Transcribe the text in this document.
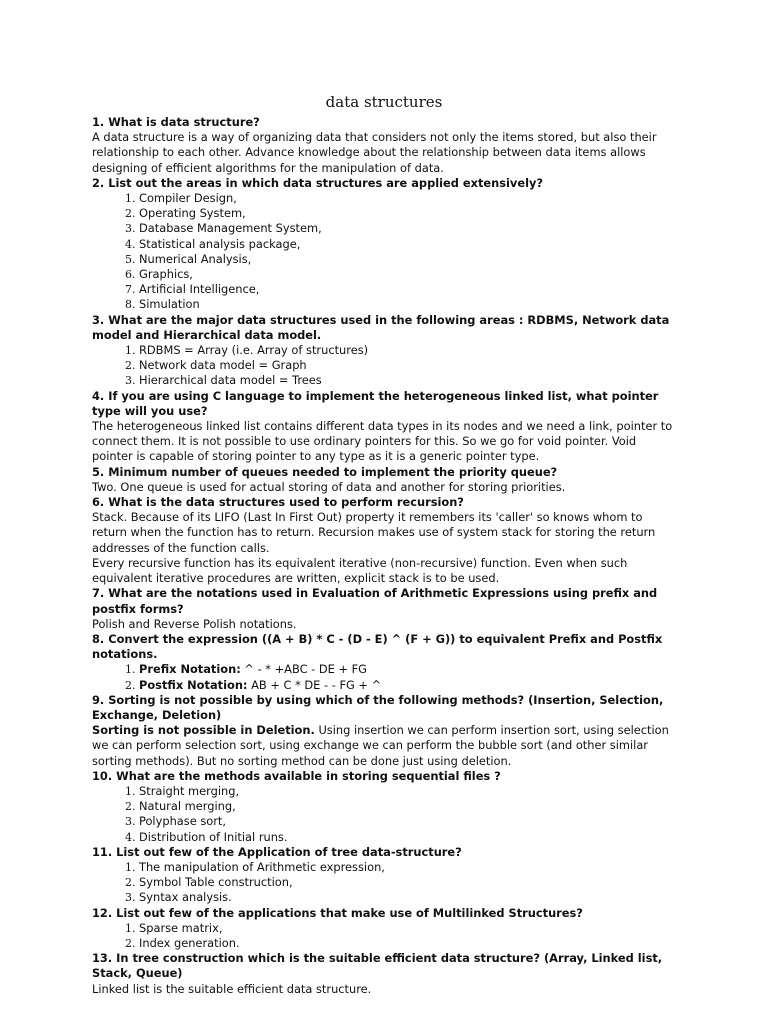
data structures

1. What is data structure?

A data structure is a way of organizing data that considers not only the items stored, but also their relationship to each other. Advance knowledge about the relationship between data items allows designing of efficient algorithms for the manipulation of data.

2. List out the areas in which data structures are applied extensively?

1. Compiler Design,
2. Operating System,
3. Database Management System,
4. Statistical analysis package,
5. Numerical Analysis,
6. Graphics,
7. Artificial Intelligence,
8. Simulation

3. What are the major data structures used in the following areas : RDBMS, Network data model and Hierarchical data model.

1. RDBMS = Array (i.e. Array of structures)
2. Network data model = Graph
3. Hierarchical data model = Trees

4. If you are using C language to implement the heterogeneous linked list, what pointer type will you use?

The heterogeneous linked list contains different data types in its nodes and we need a link, pointer to connect them. It is not possible to use ordinary pointers for this. So we go for void pointer. Void pointer is capable of storing pointer to any type as it is a generic pointer type.

5. Minimum number of queues needed to implement the priority queue?

Two. One queue is used for actual storing of data and another for storing priorities.

6. What is the data structures used to perform recursion?

Stack. Because of its LIFO (Last In First Out) property it remembers its 'caller' so knows whom to return when the function has to return. Recursion makes use of system stack for storing the return addresses of the function calls.

Every recursive function has its equivalent iterative (non-recursive) function. Even when such equivalent iterative procedures are written, explicit stack is to be used.

7. What are the notations used in Evaluation of Arithmetic Expressions using prefix and postfix forms?

Polish and Reverse Polish notations.

8. Convert the expression ((A + B) * C - (D - E) ^ (F + G)) to equivalent Prefix and Postfix notations.

1. Prefix Notation: ^ - * +ABC - DE + FG
2. Postfix Notation: AB + C * DE - - FG + ^

9. Sorting is not possible by using which of the following methods? (Insertion, Selection, Exchange, Deletion)

Sorting is not possible in Deletion. Using insertion we can perform insertion sort, using selection we can perform selection sort, using exchange we can perform the bubble sort (and other similar sorting methods). But no sorting method can be done just using deletion.

10. What are the methods available in storing sequential files ?

1. Straight merging,
2. Natural merging,
3. Polyphase sort,
4. Distribution of Initial runs.

11. List out few of the Application of tree data-structure?

1. The manipulation of Arithmetic expression,
2. Symbol Table construction,
3. Syntax analysis.

12. List out few of the applications that make use of Multilinked Structures?

1. Sparse matrix,
2. Index generation.

13. In tree construction which is the suitable efficient data structure? (Array, Linked list, Stack, Queue)

Linked list is the suitable efficient data structure.
